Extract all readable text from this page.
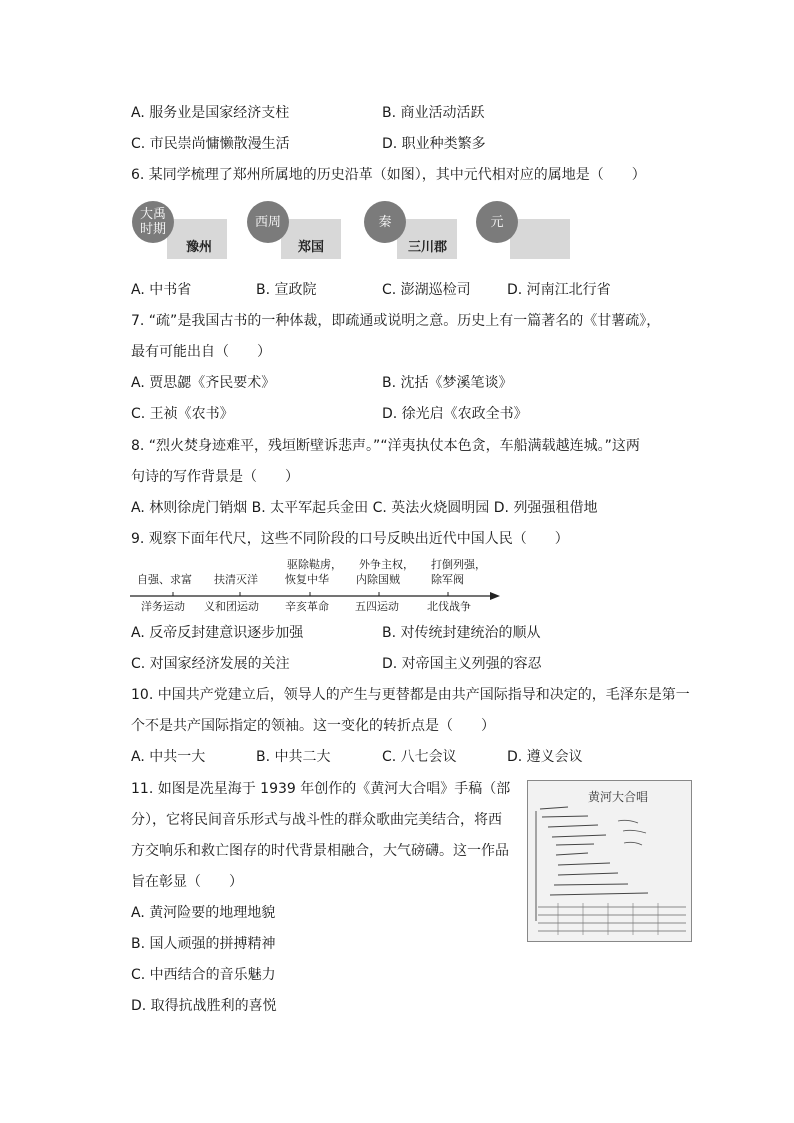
A. 服务业是国家经济支柱	B. 商业活动活跃
C. 市民崇尚慵懒散漫生活	D. 职业种类繁多
6. 某同学梳理了郑州所属地的历史沿革（如图），其中元代相对应的属地是（　　）
豫州
大禹
时期
郑国
西周
三川郡
秦	元
A. 中书省	B. 宣政院	C. 澎湖巡检司	D. 河南江北行省
7. “疏”是我国古书的一种体裁，即疏通或说明之意。历史上有一篇著名的《甘薯疏》，
最有可能出自（　　）
A. 贾思勰《齐民要术》	B. 沈括《梦溪笔谈》
C. 王祯《农书》	D. 徐光启《农政全书》
8. “烈火焚身迹难平，残垣断壁诉悲声。”“洋夷执仗本色贪，车船满载越连城。”这两
句诗的写作背景是（　　）
A. 林则徐虎门销烟 B. 太平军起兵金田 C. 英法火烧圆明园 D. 列强强租借地
9. 观察下面年代尺，这些不同阶段的口号反映出近代中国人民（　　）
自强、求富 扶清灭洋
驱除鞑虏，
恢复中华
外争主权，
内除国贼
打倒列强，
除军阀
洋务运动 义和团运动 辛亥革命 五四运动	北伐战争
A. 反帝反封建意识逐步加强	B. 对传统封建统治的顺从
C. 对国家经济发展的关注	D. 对帝国主义列强的容忍
10. 中国共产党建立后，领导人的产生与更替都是由共产国际指导和决定的，毛泽东是第一
个不是共产国际指定的领袖。这一变化的转折点是（　　）
A. 中共一大	B. 中共二大	C. 八七会议	D. 遵义会议
11. 如图是冼星海于 1939 年创作的《黄河大合唱》手稿（部
分），它将民间音乐形式与战斗性的群众歌曲完美结合，将西
方交响乐和救亡图存的时代背景相融合，大气磅礴。这一作品
旨在彰显（　　）
黄河大合唱
A. 黄河险要的地理地貌
B. 国人顽强的拼搏精神
C. 中西结合的音乐魅力
D. 取得抗战胜利的喜悦
